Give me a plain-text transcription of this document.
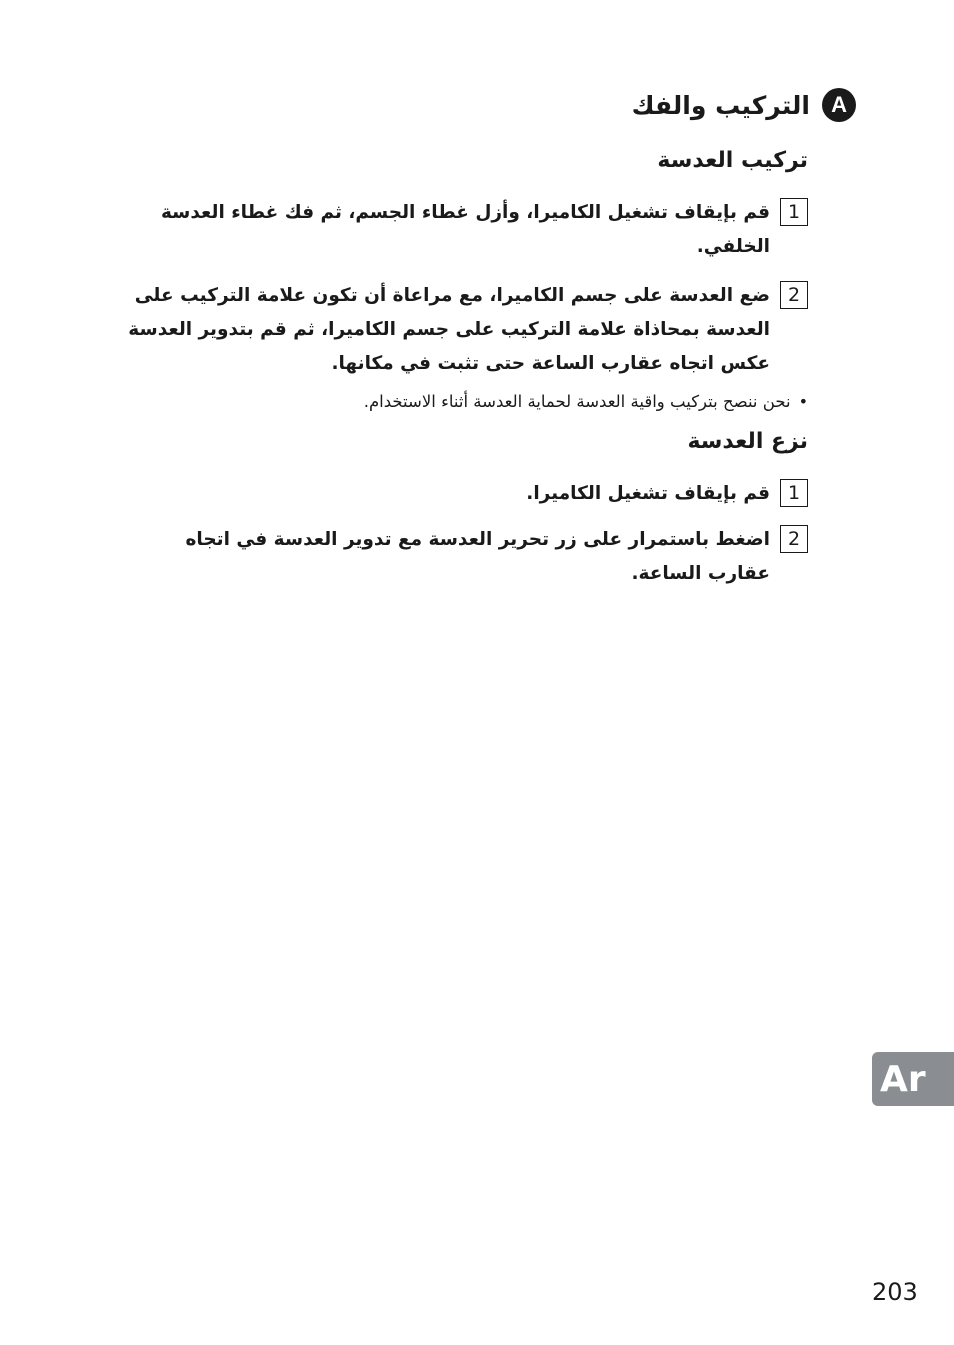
A
التركيب والفك
تركيب العدسة
1
قم بإيقاف تشغيل الكاميرا، وأزل غطاء الجسم، ثم فك غطاء العدسة الخلفي.
2
ضع العدسة على جسم الكاميرا، مع مراعاة أن تكون علامة التركيب على العدسة بمحاذاة علامة التركيب على جسم الكاميرا، ثم قم بتدوير العدسة عكس اتجاه عقارب الساعة حتى تثبت في مكانها.
•
نحن ننصح بتركيب واقية العدسة لحماية العدسة أثناء الاستخدام.
نزع العدسة
1
قم بإيقاف تشغيل الكاميرا.
2
اضغط باستمرار على زر تحرير العدسة مع تدوير العدسة في اتجاه عقارب الساعة.
Ar
203
